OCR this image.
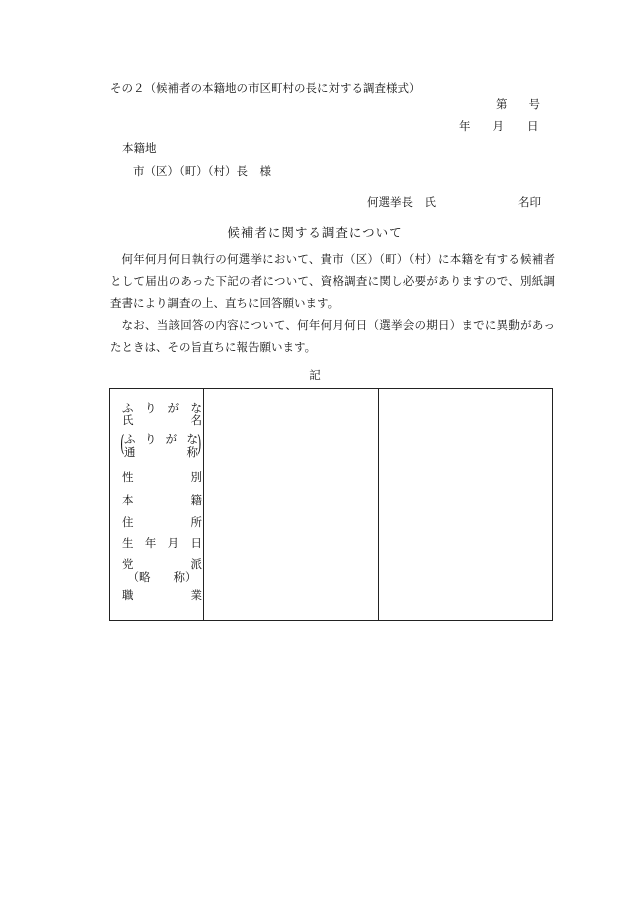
その２（候補者の本籍地の市区町村の長に対する調査様式）
第 号
年 月 日
本籍地
市（区）（町）（村）長　様
何選挙長　氏	名印
候補者に関する調査について

何年何月何日執行の何選挙において、貴市（区）（町）（村）に本籍を有する候補者として届出のあった下記の者について、資格調査に関し必要がありますので、別紙調査書により調査の上、直ちに回答願います。

なお、当該回答の内容について、何年何月何日（選挙会の期日）までに異動があったときは、その旨直ちに報告願います。

記
ふ り が な
氏	名
( ふ り が な
通	称 )
性	別
本	籍
住	所
生 年 月 日
党	派
（略　　称）
職	業
